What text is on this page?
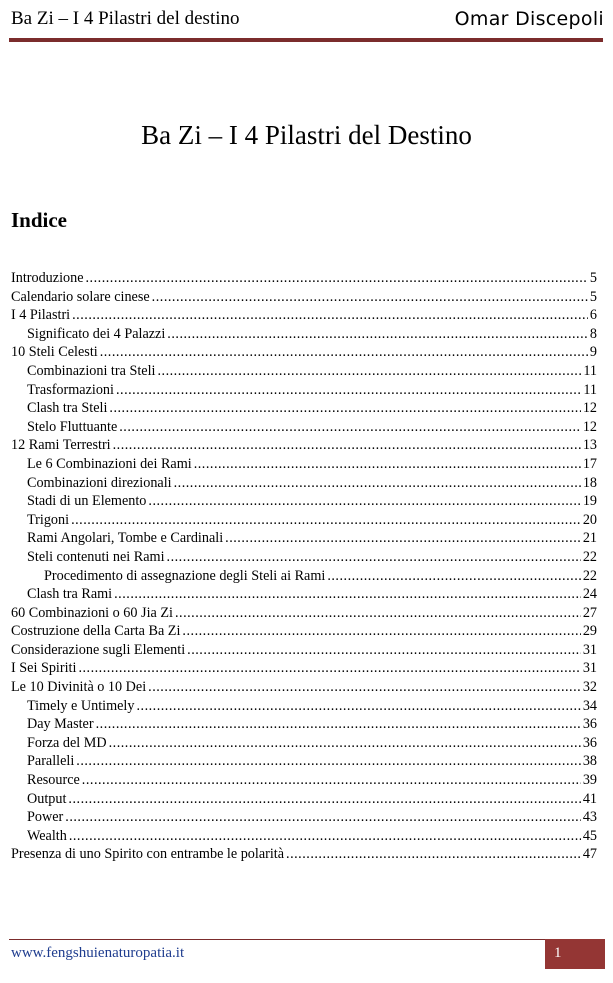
Ba Zi – I 4 Pilastri del destino	Omar Discepoli
Ba Zi – I 4 Pilastri del Destino
Indice
Introduzione .....	5
Calendario solare cinese .....	5
I 4 Pilastri .....	6
Significato dei 4 Palazzi .....	8
10 Steli Celesti .....	9
Combinazioni tra Steli .....	11
Trasformazioni .....	11
Clash tra Steli .....	12
Stelo Fluttuante .....	12
12 Rami Terrestri .....	13
Le 6 Combinazioni dei Rami .....	17
Combinazioni direzionali .....	18
Stadi di un Elemento .....	19
Trigoni .....	20
Rami Angolari, Tombe e Cardinali .....	21
Steli contenuti nei Rami .....	22
Procedimento di assegnazione degli Steli ai Rami .....	22
Clash tra Rami .....	24
60 Combinazioni o 60 Jia Zi .....	27
Costruzione della Carta Ba Zi .....	29
Considerazione sugli Elementi .....	31
I Sei Spiriti .....	31
Le 10 Divinità o 10 Dei .....	32
Timely e Untimely .....	34
Day Master .....	36
Forza del MD .....	36
Paralleli .....	38
Resource .....	39
Output .....	41
Power .....	43
Wealth .....	45
Presenza di uno Spirito con entrambe le polarità .....	47
www.fengshuienaturopatia.it	1
